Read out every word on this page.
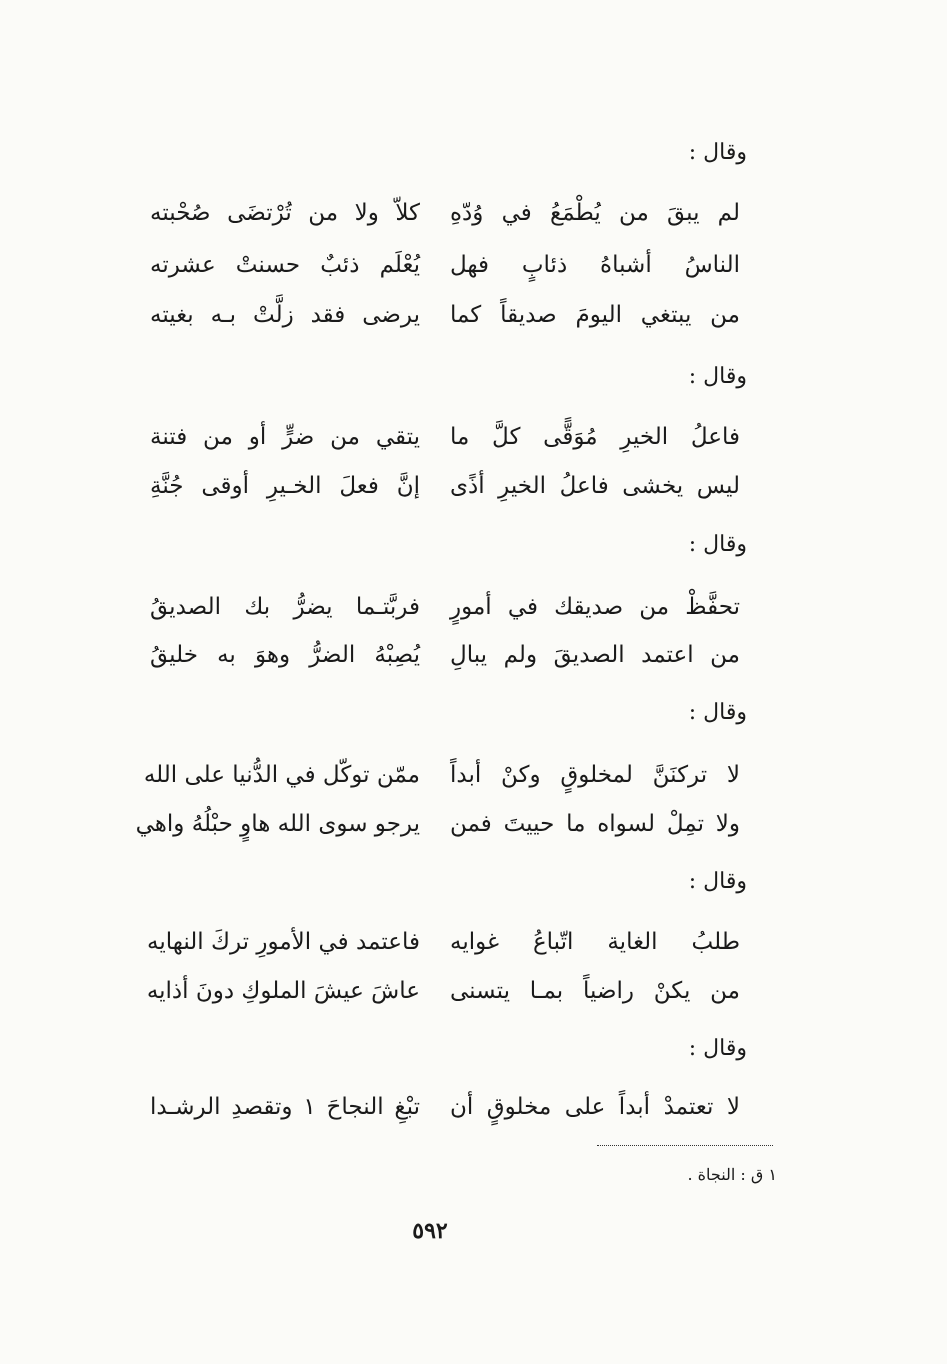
وقال :
لم يبقَ من يُطْمَعُ في وُدّهِ
كلاّ ولا من تُرْتضَى صُحْبته
الناسُ أشباهُ ذئابٍ فهل
يُعْلَم ذئبٌ حسنتْ عشرته
من يبتغي اليومَ صديقاً كما
يرضى فقد زلَّتْ بـه بغيته
وقال :
فاعلُ الخيرِ مُوَقًّى كلَّ ما
يتقي من ضرٍّ أو من فتنة
ليس يخشى فاعلُ الخيرِ أذًى
إنَّ فعلَ الخـيرِ أوقى جُنَّةِ
وقال :
تحفَّظْ من صديقك في أمورٍ
فربَّتـما يضرُّ بك الصديقُ
من اعتمد الصديقَ ولم يبالِ
يُصِبْهُ الضرُّ وهوَ به خليقُ
وقال :
لا تركنَنَّ لمخلوقٍ وكنْ أبداً
ممّن توكّل في الدُّنيا على الله
ولا تمِلْ لسواه ما حييتَ فمن
يرجو سوى الله هاوٍ حبْلُهُ واهي
وقال :
طلبُ الغاية اتّباعُ غوايه
فاعتمد في الأمورِ تركَ النهايه
من يكنْ راضياً بمـا يتسنى
عاشَ عيشَ الملوكِ دونَ أذايه
وقال :
لا تعتمدْ أبداً على مخلوقٍ أن
تبْغِ النجاحَ ١ وتقصدِ الرشـدا
١ ق : النجاة .
٥٩٢
